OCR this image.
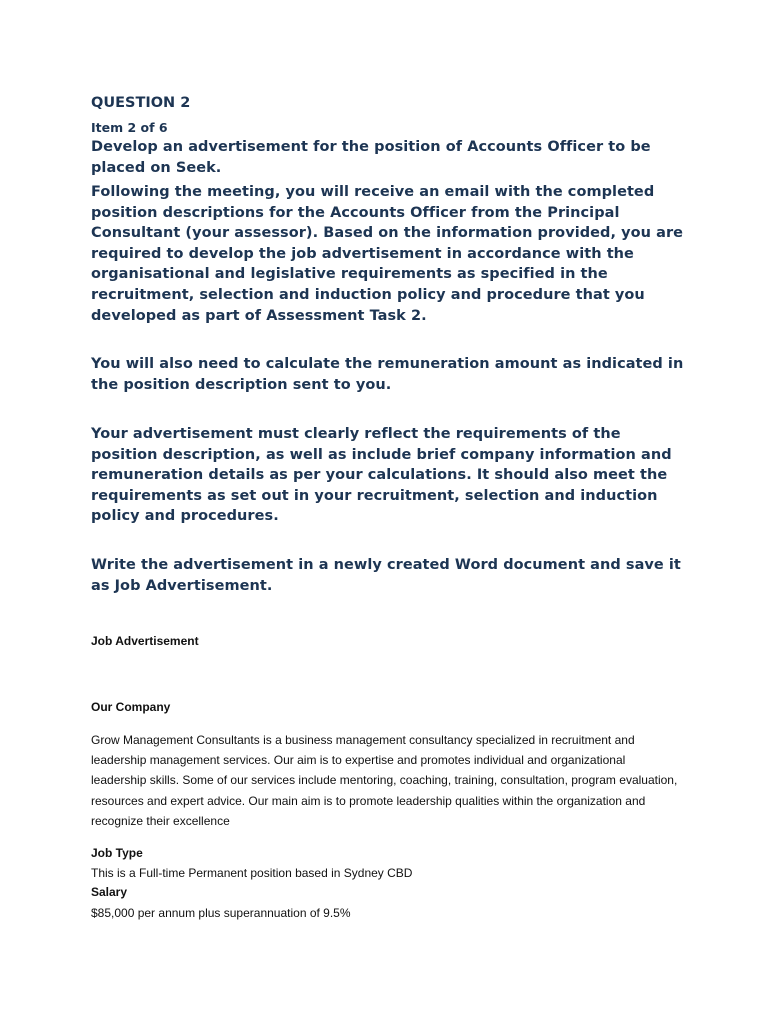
QUESTION 2

Item 2 of 6

Develop an advertisement for the position of Accounts Officer to be placed on Seek.

Following the meeting, you will receive an email with the completed position descriptions for the Accounts Officer from the Principal Consultant (your assessor). Based on the information provided, you are required to develop the job advertisement in accordance with the organisational and legislative requirements as specified in the recruitment, selection and induction policy and procedure that you developed as part of Assessment Task 2.

You will also need to calculate the remuneration amount as indicated in the position description sent to you.

Your advertisement must clearly reflect the requirements of the position description, as well as include brief company information and remuneration details as per your calculations. It should also meet the requirements as set out in your recruitment, selection and induction policy and procedures.

Write the advertisement in a newly created Word document and save it as Job Advertisement.

Job Advertisement

Our Company

Grow Management Consultants is a business management consultancy specialized in recruitment and leadership management services. Our aim is to expertise and promotes individual and organizational leadership skills. Some of our services include mentoring, coaching, training, consultation, program evaluation, resources and expert advice. Our main aim is to promote leadership qualities within the organization and recognize their excellence

Job Type

This is a Full-time Permanent position based in Sydney CBD

Salary

$85,000 per annum plus superannuation of 9.5%
